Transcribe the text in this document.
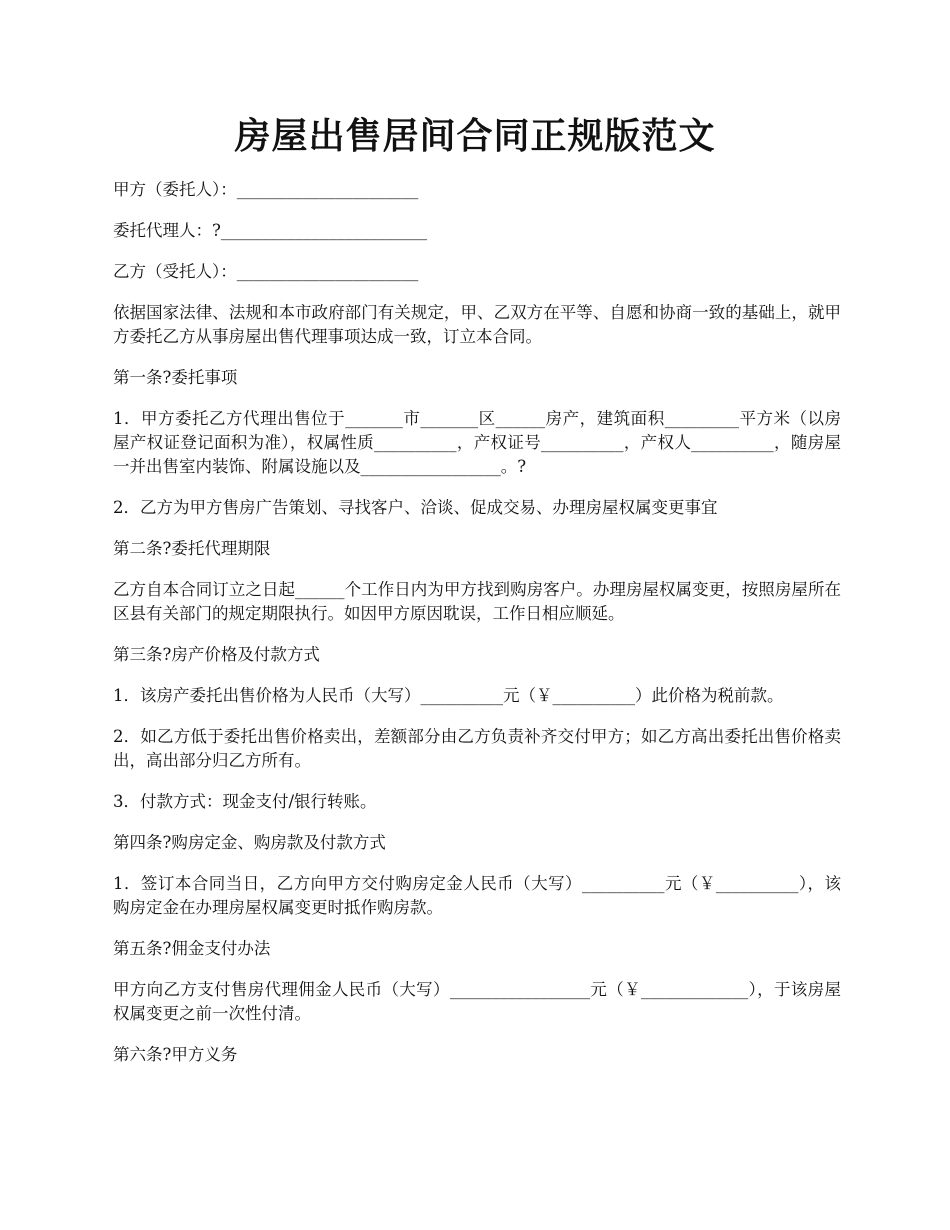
房屋出售居间合同正规版范文

甲方（委托人）：______________________

委托代理人：?_________________________

乙方（受托人）：______________________

依据国家法律、法规和本市政府部门有关规定，甲、乙双方在平等、自愿和协商一致的基础上，就甲方委托乙方从事房屋出售代理事项达成一致，订立本合同。

第一条?委托事项

1．甲方委托乙方代理出售位于_______市_______区______房产，建筑面积_________平方米（以房屋产权证登记面积为准），权属性质__________，产权证号__________，产权人__________，随房屋一并出售室内装饰、附属设施以及_________________。?

2．乙方为甲方售房广告策划、寻找客户、洽谈、促成交易、办理房屋权属变更事宜

第二条?委托代理期限

乙方自本合同订立之日起______个工作日内为甲方找到购房客户。办理房屋权属变更，按照房屋所在区县有关部门的规定期限执行。如因甲方原因耽误，工作日相应顺延。

第三条?房产价格及付款方式

1．该房产委托出售价格为人民币（大写）__________元（￥__________）此价格为税前款。

2．如乙方低于委托出售价格卖出，差额部分由乙方负责补齐交付甲方；如乙方高出委托出售价格卖出，高出部分归乙方所有。

3．付款方式：现金支付/银行转账。

第四条?购房定金、购房款及付款方式

1．签订本合同当日，乙方向甲方交付购房定金人民币（大写）__________元（￥__________），该购房定金在办理房屋权属变更时抵作购房款。

第五条?佣金支付办法

甲方向乙方支付售房代理佣金人民币（大写）_________________元（￥_____________），于该房屋权属变更之前一次性付清。

第六条?甲方义务
